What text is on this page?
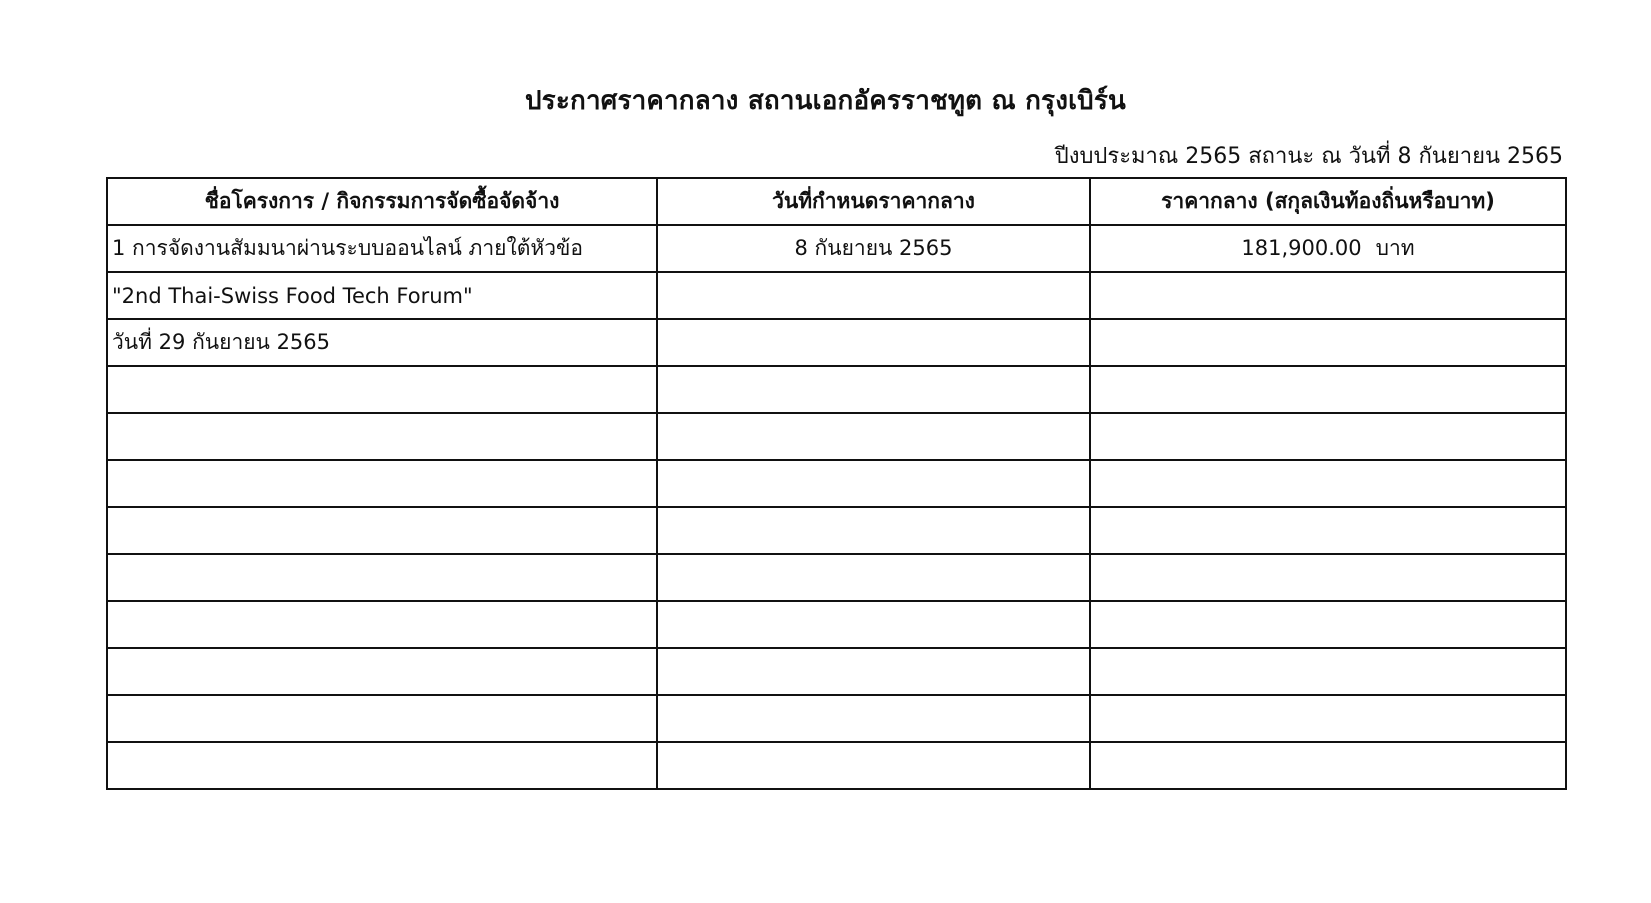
ประกาศราคากลาง สถานเอกอัครราชทูต ณ กรุงเบิร์น
ปีงบประมาณ 2565 สถานะ ณ วันที่ 8 กันยายน 2565
ชื่อโครงการ / กิจกรรมการจัดซื้อจัดจ้าง	วันที่กำหนดราคากลาง	ราคากลาง (สกุลเงินท้องถิ่นหรือบาท)
1 การจัดงานสัมมนาผ่านระบบออนไลน์ ภายใต้หัวข้อ	8 กันยายน 2565	181,900.00 บาท
"2nd Thai-Swiss Food Tech Forum"		
วันที่ 29 กันยายน 2565		
